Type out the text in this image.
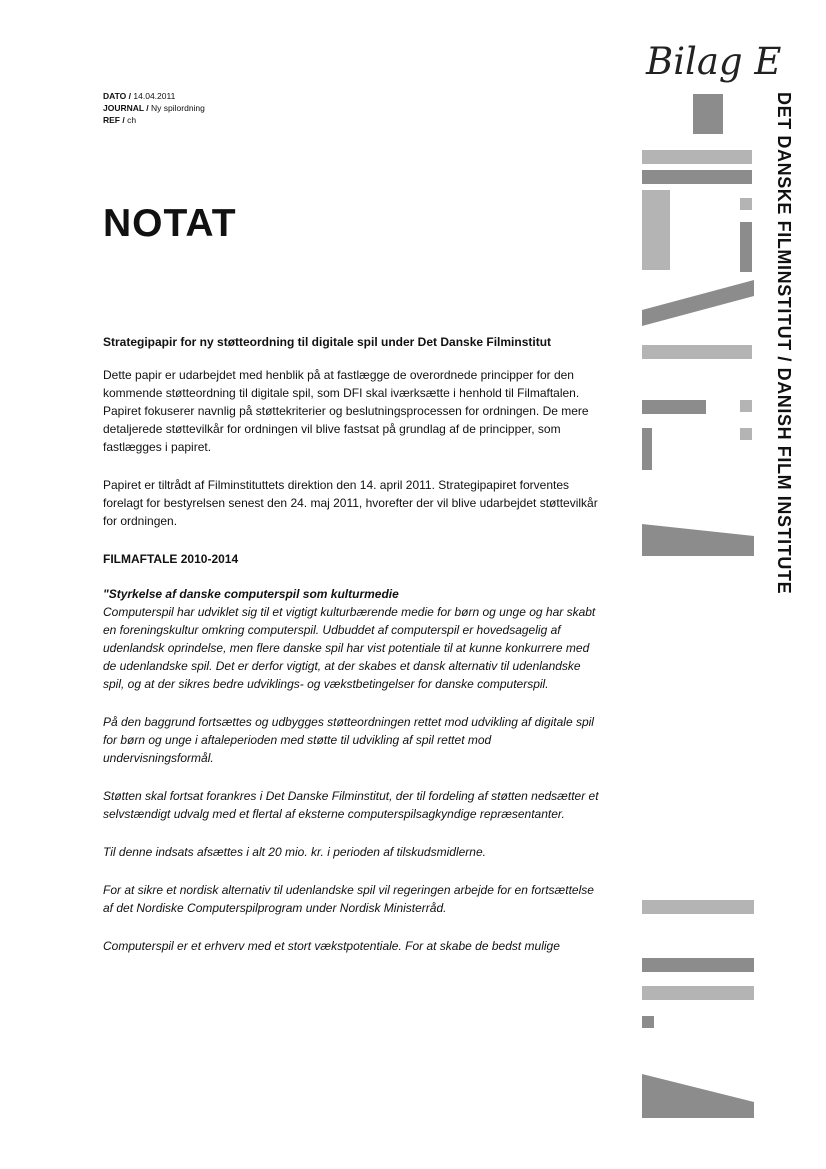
DATO / 14.04.2011
JOURNAL / Ny spilordning
REF / ch
NOTAT

Strategipapir for ny støtteordning til digitale spil under Det Danske Filminstitut

Dette papir er udarbejdet med henblik på at fastlægge de overordnede principper for den kommende støtteordning til digitale spil, som DFI skal iværksætte i henhold til Filmaftalen. Papiret fokuserer navnlig på støttekriterier og beslutningsprocessen for ordningen. De mere detaljerede støttevilkår for ordningen vil blive fastsat på grundlag af de principper, som fastlægges i papiret.

Papiret er tiltrådt af Filminstituttets direktion den 14. april 2011. Strategipapiret forventes forelagt for bestyrelsen senest den 24. maj 2011, hvorefter der vil blive udarbejdet støttevilkår for ordningen.

FILMAFTALE 2010-2014

"Styrkelse af danske computerspil som kulturmedie
Computerspil har udviklet sig til et vigtigt kulturbærende medie for børn og unge og har skabt en foreningskultur omkring computerspil. Udbuddet af computerspil er hovedsagelig af udenlandsk oprindelse, men flere danske spil har vist potentiale til at kunne konkurrere med de udenlandske spil. Det er derfor vigtigt, at der skabes et dansk alternativ til udenlandske spil, og at der sikres bedre udviklings- og vækstbetingelser for danske computerspil.

På den baggrund fortsættes og udbygges støtteordningen rettet mod udvikling af digitale spil for børn og unge i aftaleperioden med støtte til udvikling af spil rettet mod undervisningsformål.

Støtten skal fortsat forankres i Det Danske Filminstitut, der til fordeling af støtten nedsætter et selvstændigt udvalg med et flertal af eksterne computerspilsagkyndige repræsentanter.

Til denne indsats afsættes i alt 20 mio. kr. i perioden af tilskudsmidlerne.

For at sikre et nordisk alternativ til udenlandske spil vil regeringen arbejde for en fortsættelse af det Nordiske Computerspilprogram under Nordisk Ministerråd.

Computerspil er et erhverv med et stort vækstpotentiale. For at skabe de bedst mulige

Bilag E
DET DANSKE FILMINSTITUT / DANISH FILM INSTITUTE
